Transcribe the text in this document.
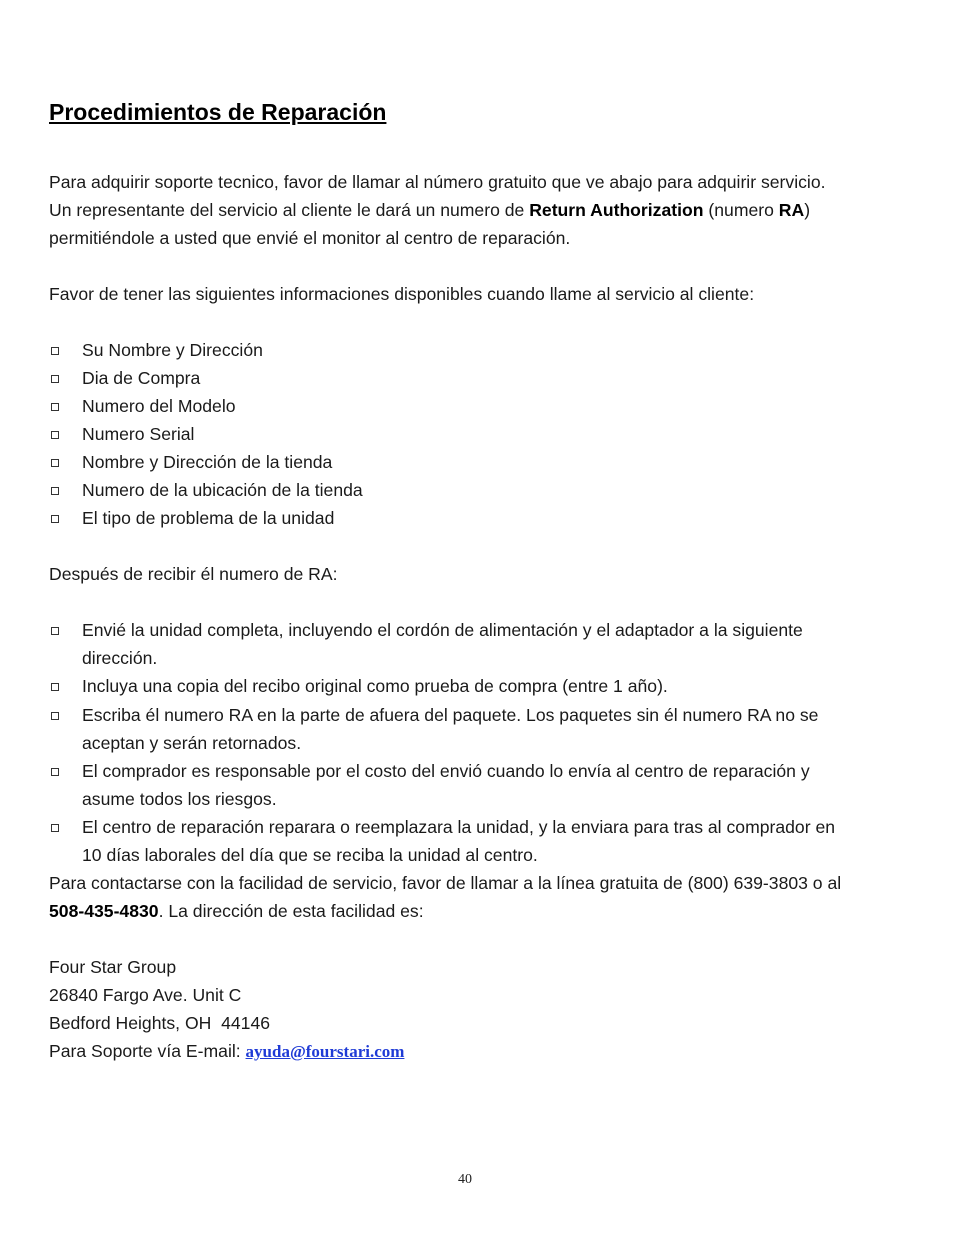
Procedimientos de Reparación

Para adquirir soporte tecnico, favor de llamar al número gratuito que ve abajo para adquirir servicio.

Un representante del servicio al cliente le dará un numero de Return Authorization (numero RA)

permitiéndole a usted que envié el monitor al centro de reparación.

Favor de tener las siguientes informaciones disponibles cuando llame al servicio al cliente:

Su Nombre y Dirección
Dia de Compra
Numero del Modelo
Numero Serial
Nombre y Dirección de la tienda
Numero de la ubicación de la tienda
El tipo de problema de la unidad

Después de recibir él numero de RA:

Envié la unidad completa, incluyendo el cordón de alimentación y el adaptador a la siguiente
dirección.
Incluya una copia del recibo original como prueba de compra (entre 1 año).
Escriba él numero RA en la parte de afuera del paquete. Los paquetes sin él numero RA no se
aceptan y serán retornados.
El comprador es responsable por el costo del envió cuando lo envía al centro de reparación y
asume todos los riesgos.
El centro de reparación reparara o reemplazara la unidad, y la enviara para tras al comprador en
10 días laborales del día que se reciba la unidad al centro.

Para contactarse con la facilidad de servicio, favor de llamar a la línea gratuita de (800) 639-3803 o al

508-435-4830. La dirección de esta facilidad es:

Four Star Group

26840 Fargo Ave. Unit C

Bedford Heights, OH  44146

Para Soporte vía E-mail: ayuda@fourstari.com

40
